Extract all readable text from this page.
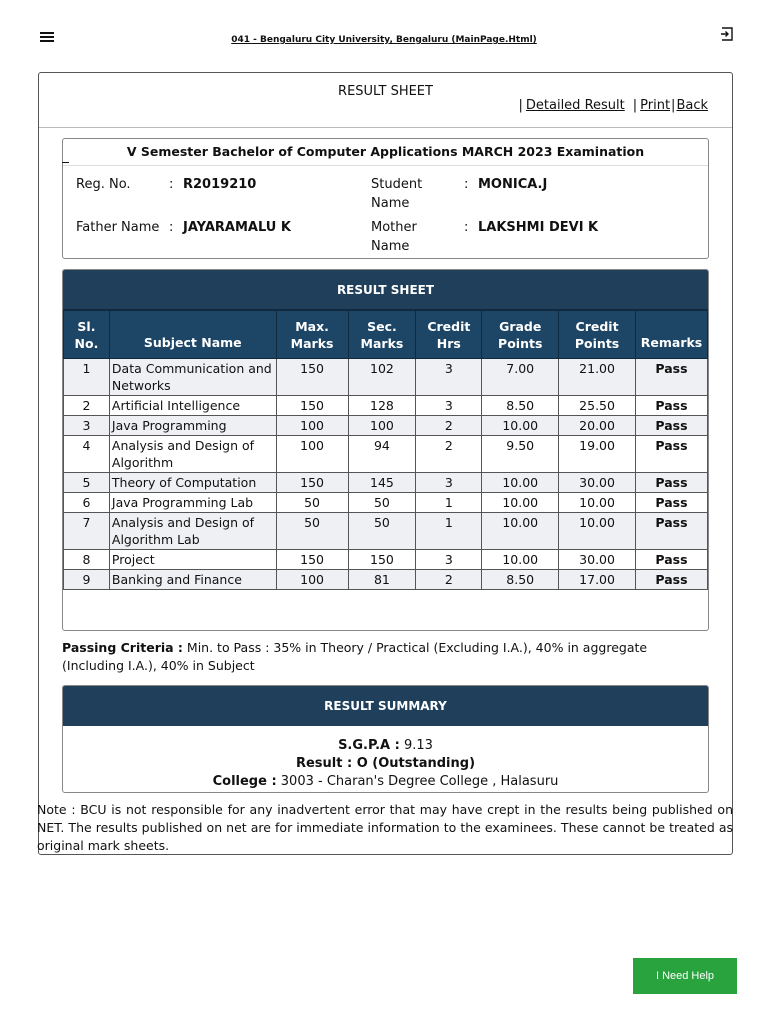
041 - Bengaluru City University, Bengaluru (MainPage.Html)
RESULT SHEET
| Detailed Result | Print|Back
V Semester Bachelor of Computer Applications MARCH 2023 Examination
Reg. No.	: R2019210	Student Name
: MONICA.J
Father Name : JAYARAMALU K	Mother Name
: LAKSHMI DEVI K
RESULT SHEET
Sl. No.	Subject Name	Max. Marks	Sec. Marks	Credit Hrs	Grade Points	Credit Points	Remarks
1	Data Communication and Networks	150	102	3	7.00	21.00	Pass
2	Artificial Intelligence	150	128	3	8.50	25.50	Pass
3	Java Programming	100	100	2	10.00	20.00	Pass
4	Analysis and Design of Algorithm	100	94	2	9.50	19.00	Pass
5	Theory of Computation	150	145	3	10.00	30.00	Pass
6	Java Programming Lab	50	50	1	10.00	10.00	Pass
7	Analysis and Design of Algorithm Lab	50	50	1	10.00	10.00	Pass
8	Project	150	150	3	10.00	30.00	Pass
9	Banking and Finance	100	81	2	8.50	17.00	Pass
Passing Criteria : Min. to Pass : 35% in Theory / Practical (Excluding I.A.), 40% in aggregate (Including I.A.), 40% in Subject
RESULT SUMMARY
S.G.P.A : 9.13
Result : O (Outstanding)
College : 3003 - Charan's Degree College , Halasuru
Note : BCU is not responsible for any inadvertent error that may have crept in the results being published on NET. The results published on net are for immediate information to the examinees. These cannot be treated as original mark sheets.
I Need Help
